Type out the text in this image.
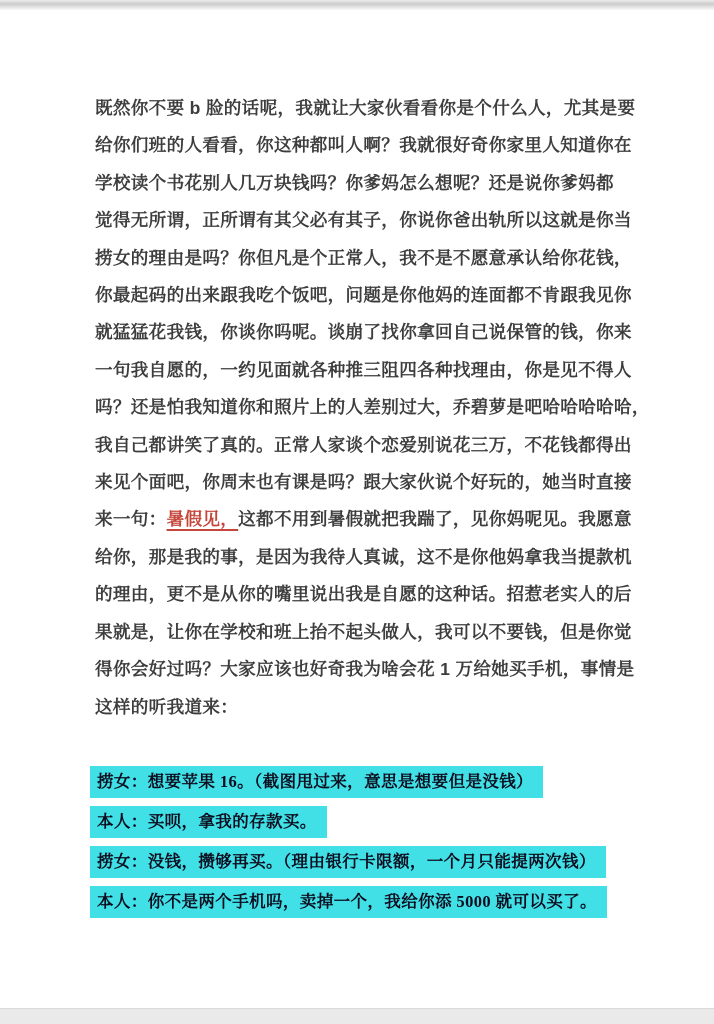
既然你不要 b 脸的话呢，我就让大家伙看看你是个什么人，尤其是要

给你们班的人看看，你这种都叫人啊？我就很好奇你家里人知道你在

学校读个书花别人几万块钱吗？你爹妈怎么想呢？还是说你爹妈都

觉得无所谓，正所谓有其父必有其子，你说你爸出轨所以这就是你当

捞女的理由是吗？你但凡是个正常人，我不是不愿意承认给你花钱，

你最起码的出来跟我吃个饭吧，问题是你他妈的连面都不肯跟我见你

就猛猛花我钱，你谈你吗呢。谈崩了找你拿回自己说保管的钱，你来

一句我自愿的，一约见面就各种推三阻四各种找理由，你是见不得人

吗？还是怕我知道你和照片上的人差别过大，乔碧萝是吧哈哈哈哈哈，

我自己都讲笑了真的。正常人家谈个恋爱别说花三万，不花钱都得出

来见个面吧，你周末也有课是吗？跟大家伙说个好玩的，她当时直接

来一句：暑假见，这都不用到暑假就把我踹了，见你妈呢见。我愿意

给你，那是我的事，是因为我待人真诚，这不是你他妈拿我当提款机

的理由，更不是从你的嘴里说出我是自愿的这种话。招惹老实人的后

果就是，让你在学校和班上抬不起头做人，我可以不要钱，但是你觉

得你会好过吗？大家应该也好奇我为啥会花 1 万给她买手机，事情是

这样的听我道来：

捞女：想要苹果 16。（截图甩过来，意思是想要但是没钱）
本人：买呗，拿我的存款买。
捞女：没钱，攒够再买。（理由银行卡限额，一个月只能提两次钱）
本人：你不是两个手机吗，卖掉一个，我给你添 5000 就可以买了。
